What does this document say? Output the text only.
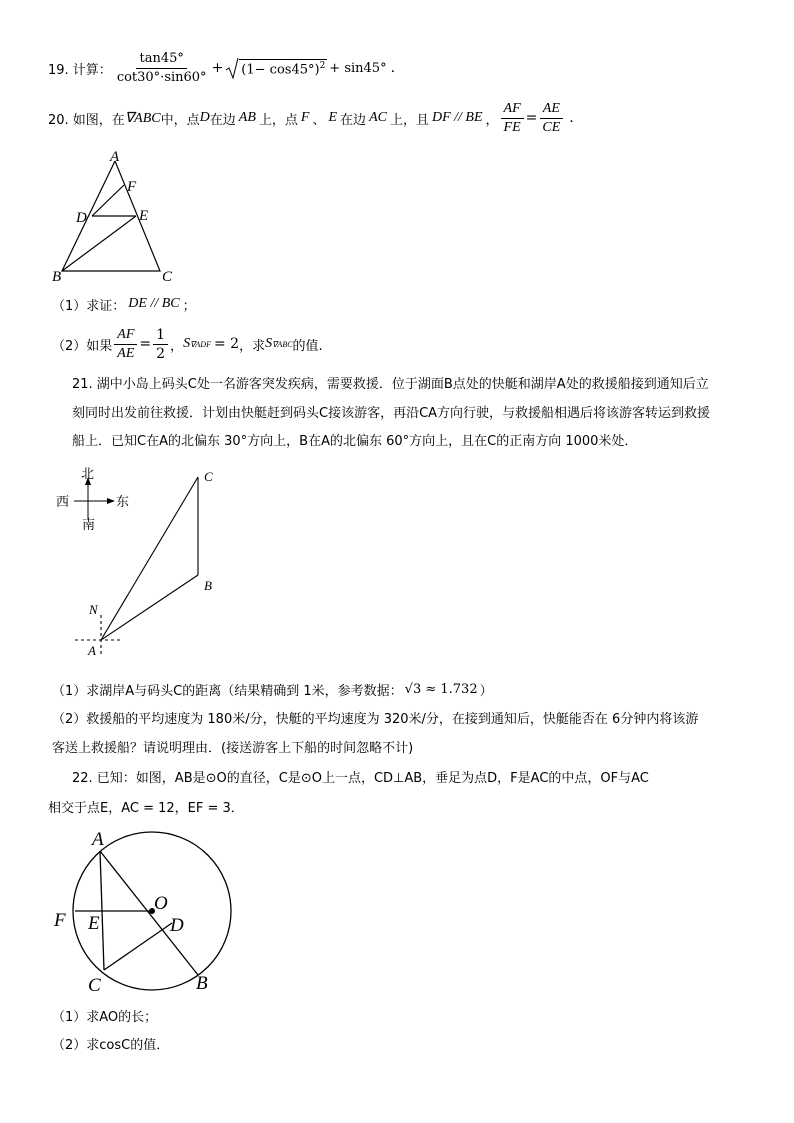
19. 计算： $\frac{\tan 45^\circ}{\cot 30^\circ\cdot\sin 60^\circ} + (1- \cos 45^\circ)^2 + \sin 45^\circ$ .
20. 如图，在 ∇ABC 中，点 D 在边 AB 上，点 F 、 E 在边 AC 上，且 DF // BE ， $\frac{AF}{FE} = \frac{AE}{CE}$ .
A
F
D	E
B	C
（1）求证： DE // BC ；
（2）如果 $\frac{AF}{AE} = \frac{1}{2}$ ， S ∇ADF = 2 ，求 S ∇ABC 的值.
21. 湖中小岛上码头C处一名游客突发疾病，需要救援．位于湖面B点处的快艇和湖岸A处的救援船接到通知后立
刻同时出发前往救援．计划由快艇赶到码头C接该游客，再沿CA方向行驶，与救援船相遇后将该游客转运到救援
船上．已知C在A的北偏东 30°方向上，B在A的北偏东 60°方向上，且在C的正南方向 1000米处．
北
西	东
南
C
B
N
A
（1）求湖岸A与码头C的距离（结果精确到 1米，参考数据： √3 ≈ 1.732 ）
（2）救援船的平均速度为 180米/分，快艇的平均速度为 320米/分，在接到通知后，快艇能否在 6分钟内将该游
客送上救援船？请说明理由．(接送游客上下船的时间忽略不计)
22. 已知：如图，AB是⊙O的直径，C是⊙O上一点，CD⊥AB，垂足为点D，F是AC的中点，OF与AC
相交于点E，AC = 12，EF = 3．
A
O
F E	D
C	B
（1）求AO的长；
（2）求cosC的值．
